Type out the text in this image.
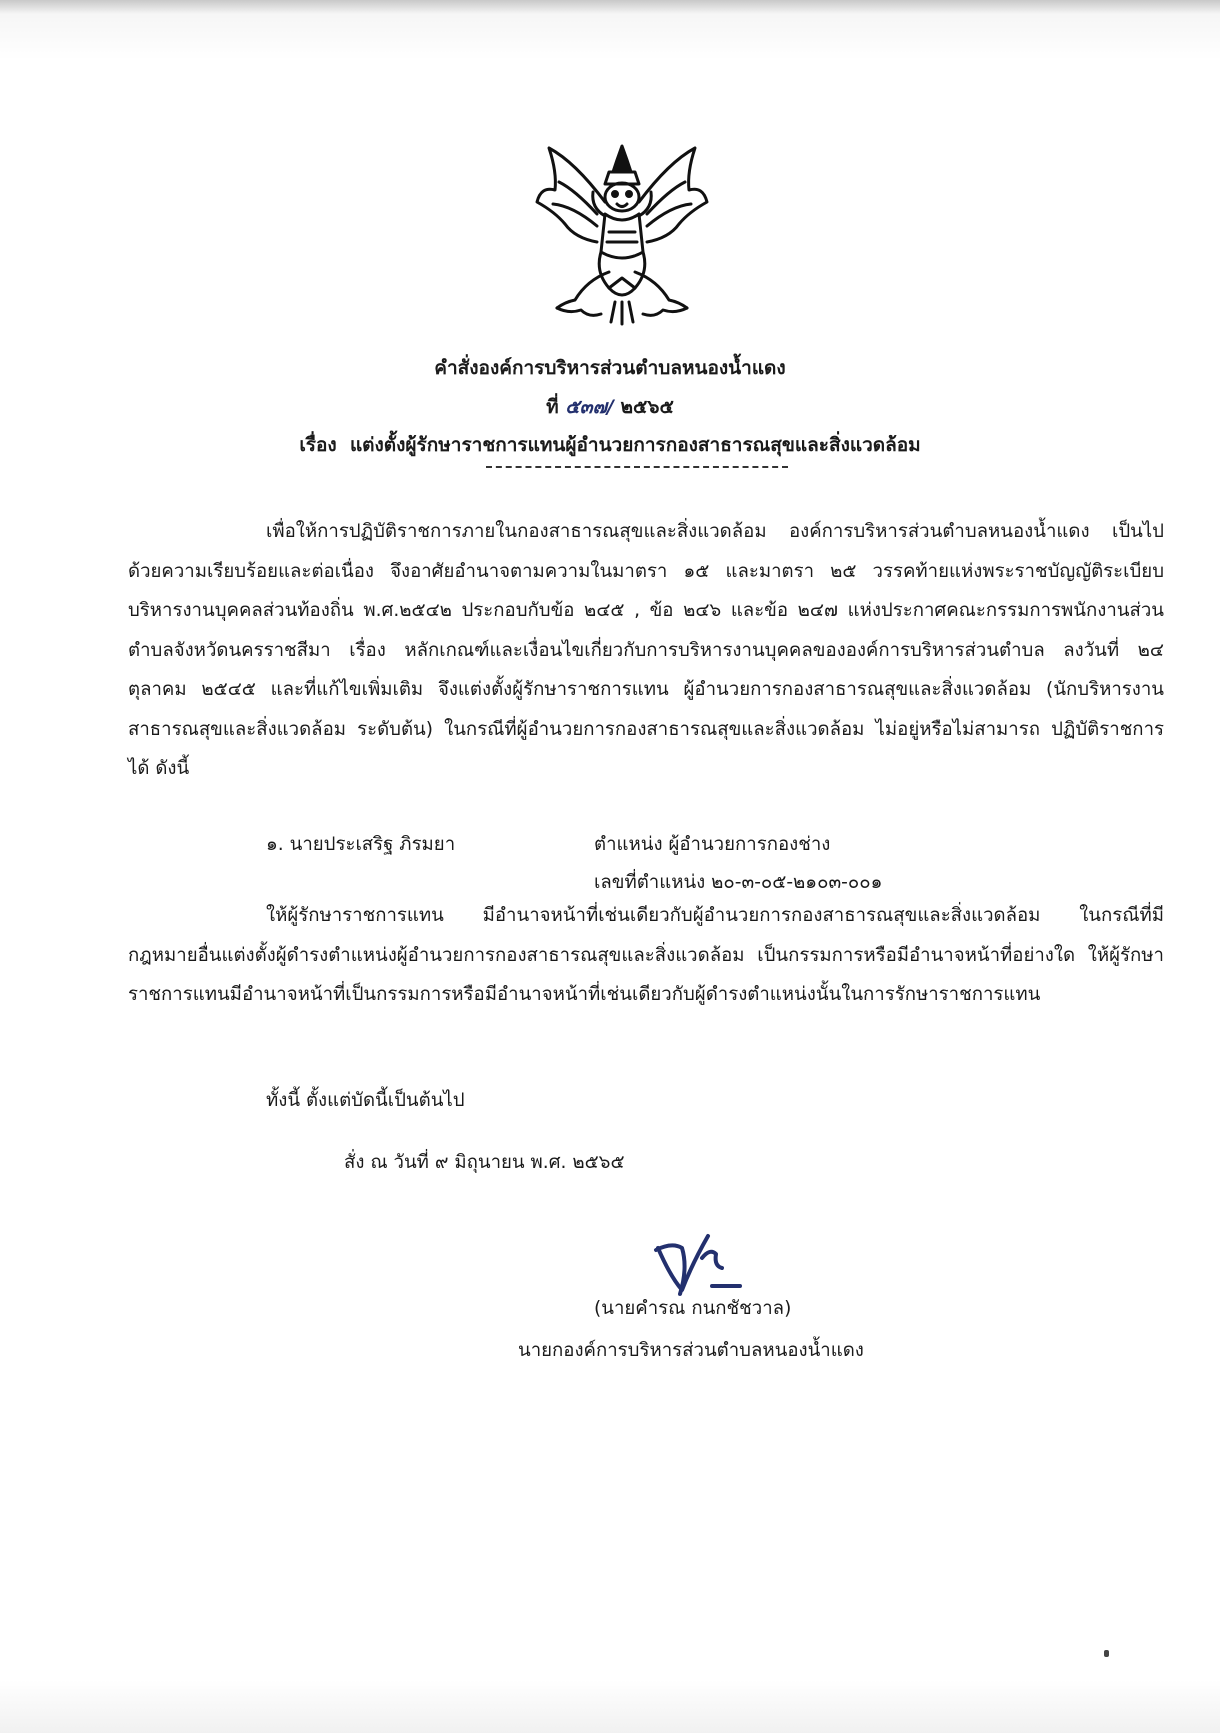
คำสั่งองค์การบริหารส่วนตำบลหนองน้ำแดง
ที่ ๕๓๗/ ๒๕๖๕
เรื่อง แต่งตั้งผู้รักษาราชการแทนผู้อำนวยการกองสาธารณสุขและสิ่งแวดล้อม

เพื่อให้การปฏิบัติราชการภายในกองสาธารณสุขและสิ่งแวดล้อม องค์การบริหารส่วนตำบลหนองน้ำแดง เป็นไปด้วยความเรียบร้อยและต่อเนื่อง จึงอาศัยอำนาจตามความในมาตรา ๑๕ และมาตรา ๒๕ วรรคท้ายแห่งพระราชบัญญัติระเบียบบริหารงานบุคคลส่วนท้องถิ่น พ.ศ.๒๕๔๒ ประกอบกับข้อ ๒๔๕ , ข้อ ๒๔๖ และข้อ ๒๔๗ แห่งประกาศคณะกรรมการพนักงานส่วนตำบลจังหวัดนครราชสีมา เรื่อง หลักเกณฑ์และเงื่อนไขเกี่ยวกับการบริหารงานบุคคลขององค์การบริหารส่วนตำบล ลงวันที่ ๒๔ ตุลาคม ๒๕๔๕ และที่แก้ไขเพิ่มเติม จึงแต่งตั้งผู้รักษาราชการแทน ผู้อำนวยการกองสาธารณสุขและสิ่งแวดล้อม (นักบริหารงานสาธารณสุขและสิ่งแวดล้อม ระดับต้น) ในกรณีที่ผู้อำนวยการกองสาธารณสุขและสิ่งแวดล้อม ไม่อยู่หรือไม่สามารถ ปฏิบัติราชการได้ ดังนี้

๑. นายประเสริฐ ภิรมยา	ตำแหน่ง ผู้อำนวยการกองช่าง
เลขที่ตำแหน่ง ๒๐-๓-๐๕-๒๑๐๓-๐๐๑

ให้ผู้รักษาราชการแทน มีอำนาจหน้าที่เช่นเดียวกับผู้อำนวยการกองสาธารณสุขและสิ่งแวดล้อม ในกรณีที่มีกฎหมายอื่นแต่งตั้งผู้ดำรงตำแหน่งผู้อำนวยการกองสาธารณสุขและสิ่งแวดล้อม เป็นกรรมการหรือมีอำนาจหน้าที่อย่างใด ให้ผู้รักษาราชการแทนมีอำนาจหน้าที่เป็นกรรมการหรือมีอำนาจหน้าที่เช่นเดียวกับผู้ดำรงตำแหน่งนั้นในการรักษาราชการแทน

ทั้งนี้ ตั้งแต่บัดนี้เป็นต้นไป
สั่ง ณ วันที่ ๙ มิถุนายน พ.ศ. ๒๕๖๕
(นายคำรณ กนกชัชวาล)
นายกองค์การบริหารส่วนตำบลหนองน้ำแดง
